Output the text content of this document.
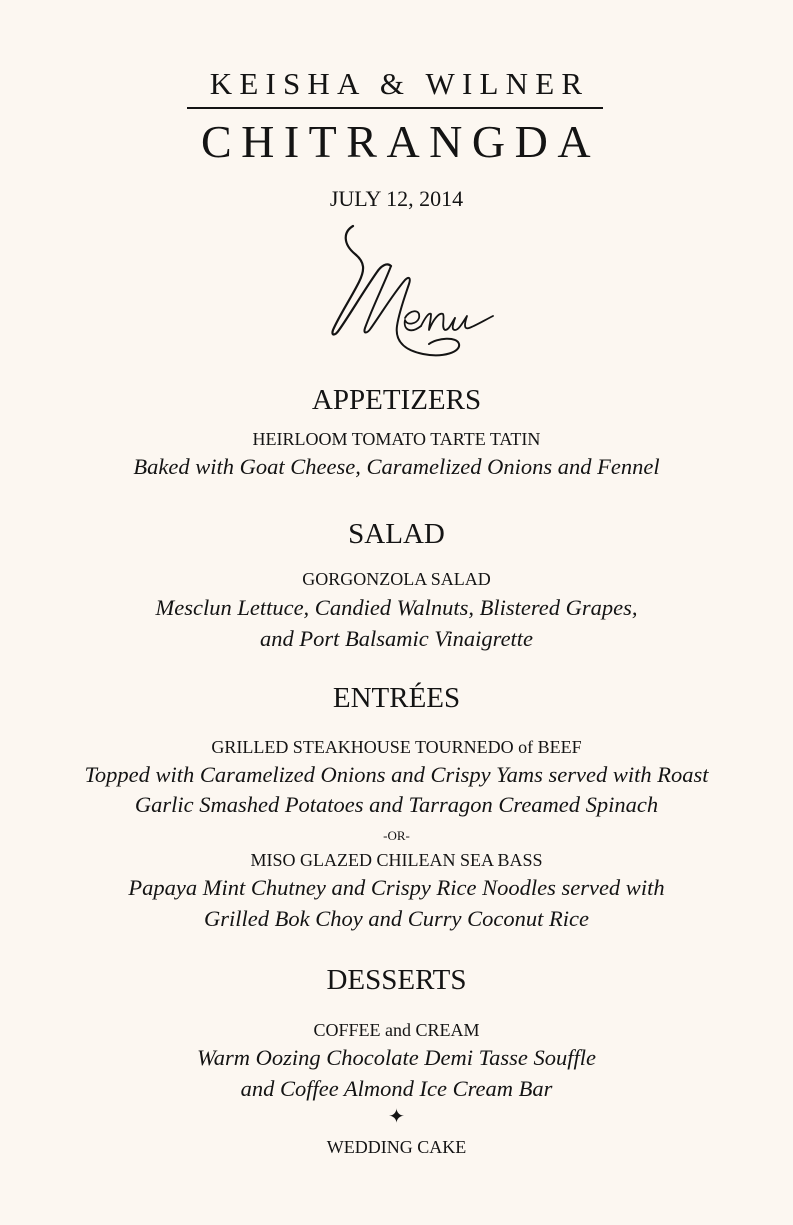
KEISHA & WILNER
CHITRANGDA
JULY 12, 2014
APPETIZERS
HEIRLOOM TOMATO TARTE TATIN
Baked with Goat Cheese, Caramelized Onions and Fennel
SALAD
GORGONZOLA SALAD
Mesclun Lettuce, Candied Walnuts, Blistered Grapes,
and Port Balsamic Vinaigrette
ENTRÉES
GRILLED STEAKHOUSE TOURNEDO of BEEF
Topped with Caramelized Onions and Crispy Yams served with Roast
Garlic Smashed Potatoes and Tarragon Creamed Spinach
-OR-
MISO GLAZED CHILEAN SEA BASS
Papaya Mint Chutney and Crispy Rice Noodles served with
Grilled Bok Choy and Curry Coconut Rice
DESSERTS
COFFEE and CREAM
Warm Oozing Chocolate Demi Tasse Souffle
and Coffee Almond Ice Cream Bar
✦
WEDDING CAKE
